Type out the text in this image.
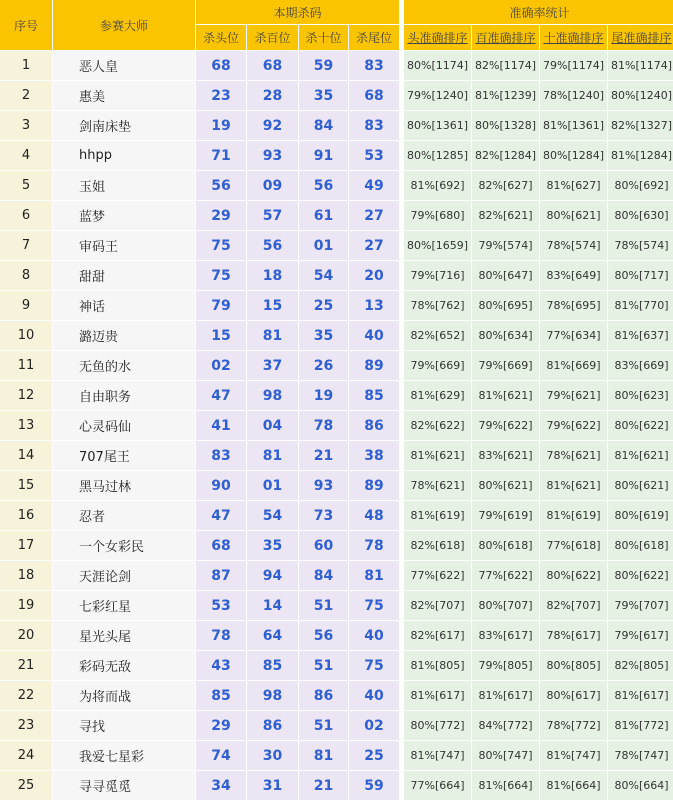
序号	参赛大师	本期杀码					准确率统计			
		杀头位	杀百位	杀十位	杀尾位		头准确排序	百准确排序	十准确排序	尾准确排序
1	恶人皇	68	68	59	83		80%[1174]	82%[1174]	79%[1174]	81%[1174]
2	惠美	23	28	35	68		79%[1240]	81%[1239]	78%[1240]	80%[1240]
3	剑南床垫	19	92	84	83		80%[1361]	80%[1328]	81%[1361]	82%[1327]
4	hhpp	71	93	91	53		80%[1285]	82%[1284]	80%[1284]	81%[1284]
5	玉姐	56	09	56	49		81%[692]	82%[627]	81%[627]	80%[692]
6	蓝梦	29	57	61	27		79%[680]	82%[621]	80%[621]	80%[630]
7	审码王	75	56	01	27		80%[1659]	79%[574]	78%[574]	78%[574]
8	甜甜	75	18	54	20		79%[716]	80%[647]	83%[649]	80%[717]
9	神话	79	15	25	13		78%[762]	80%[695]	78%[695]	81%[770]
10	潞迈贵	15	81	35	40		82%[652]	80%[634]	77%[634]	81%[637]
11	无鱼的水	02	37	26	89		79%[669]	79%[669]	81%[669]	83%[669]
12	自由职务	47	98	19	85		81%[629]	81%[621]	79%[621]	80%[623]
13	心灵码仙	41	04	78	86		82%[622]	79%[622]	79%[622]	80%[622]
14	707尾王	83	81	21	38		81%[621]	83%[621]	78%[621]	81%[621]
15	黑马过林	90	01	93	89		78%[621]	80%[621]	81%[621]	80%[621]
16	忍者	47	54	73	48		81%[619]	79%[619]	81%[619]	80%[619]
17	一个女彩民	68	35	60	78		82%[618]	80%[618]	77%[618]	80%[618]
18	天涯论剑	87	94	84	81		77%[622]	77%[622]	80%[622]	80%[622]
19	七彩红星	53	14	51	75		82%[707]	80%[707]	82%[707]	79%[707]
20	星光头尾	78	64	56	40		82%[617]	83%[617]	78%[617]	79%[617]
21	彩码无敌	43	85	51	75		81%[805]	79%[805]	80%[805]	82%[805]
22	为将而战	85	98	86	40		81%[617]	81%[617]	80%[617]	81%[617]
23	寻找	29	86	51	02		80%[772]	84%[772]	78%[772]	81%[772]
24	我爱七星彩	74	30	81	25		81%[747]	80%[747]	81%[747]	78%[747]
25	寻寻觅觅	34	31	21	59		77%[664]	81%[664]	81%[664]	80%[664]
